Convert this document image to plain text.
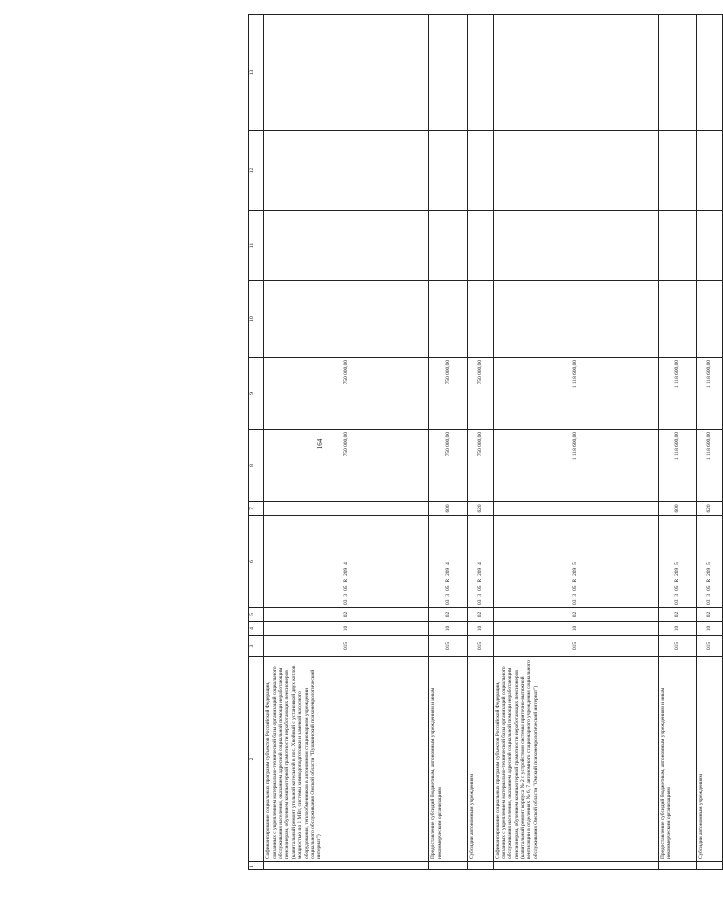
164
1	2	3	4	5	6	7	8	9	10	11	12	13
	Софинансирование социальных программ субъектов Российской Федерации, связанных с укреплением материально-технической базы организаций социального обслуживания населения, оказанием адресной социальной помощи неработающим пенсионерам, обучением компьютерной грамотности неработающих пенсионеров (капитальный ремонт угольной котельной в пос. Хвойный с установкой двух котлов мощностью по 1 МВт, системы химводоподготовки и заменой насосного оборудования, теплообменников в автономном стационарном учреждении социального обслуживания Омской области "Пушкинский психоневрологический интернат")	015	10	02	03305R2094		750 000,00	750 000,00				
	Предоставление субсидий бюджетным, автономным учреждениям и иным некоммерческим организациям	015	10	02	03305R2094	600	750 000,00	750 000,00				
	Субсидии автономным учреждениям	015	10	02	03305R2094	620	750 000,00	750 000,00				
	Софинансирование социальных программ субъектов Российской Федерации, связанных с укреплением материально-технической базы организаций социального обслуживания населения, оказанием адресной социальной помощи неработающим пенсионерам, обучением компьютерной грамотности неработающих пенсионеров (капитальный ремонт корпуса № 2 с устройством системы приточно-вытяжной вентиляции в отделениях № 6, 7 автономного стационарного учреждения социального обслуживания Омской области "Омский психоневрологический интернат")	015	10	02	03305R2095		1 118 600,00	1 118 600,00				
	Предоставление субсидий бюджетным, автономным учреждениям и иным некоммерческим организациям	015	10	02	03305R2095	600	1 118 600,00	1 118 600,00				
	Субсидии автономным учреждениям	015	10	02	03305R2095	620	1 118 600,00	1 118 600,00				
